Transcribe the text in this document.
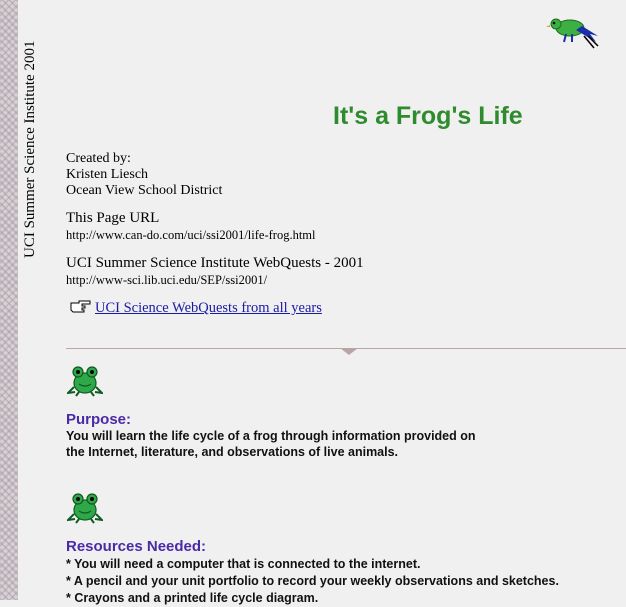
UCI Summer Science Institute 2001	It's a Frog's Life
Created by:
Kristen Liesch
Ocean View School District
This Page URL
http://www.can-do.com/uci/ssi2001/life-frog.html
UCI Summer Science Institute WebQuests - 2001
http://www-sci.lib.uci.edu/SEP/ssi2001/
UCI Science WebQuests from all years
Purpose:
You will learn the life cycle of a frog through information provided on
the Internet, literature, and observations of live animals.
Resources Needed:
* You will need a computer that is connected to the internet.
* A pencil and your unit portfolio to record your weekly observations and sketches.
* Crayons and a printed life cycle diagram.
